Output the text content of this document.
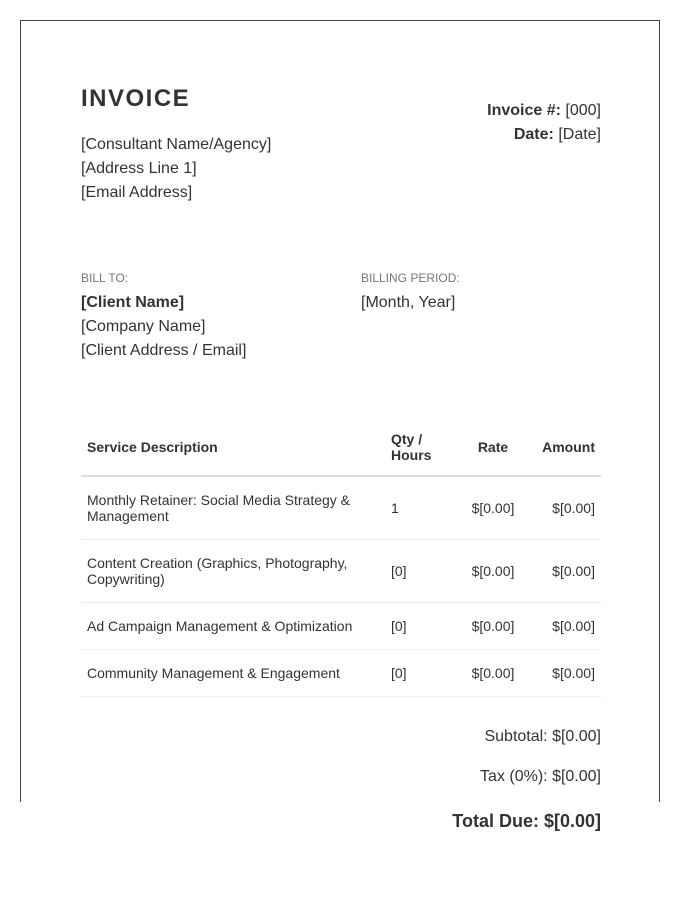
INVOICE
[Consultant Name/Agency]
[Address Line 1]
[Email Address]
Invoice #: [000]
Date: [Date]
BILL TO:
[Client Name]
[Company Name]
[Client Address / Email]
BILLING PERIOD:
[Month, Year]
Service Description	Qty / Hours	Rate	Amount
Monthly Retainer: Social Media Strategy & Management	1	$[0.00]	$[0.00]
Content Creation (Graphics, Photography, Copywriting)	[0]	$[0.00]	$[0.00]
Ad Campaign Management & Optimization	[0]	$[0.00]	$[0.00]
Community Management & Engagement	[0]	$[0.00]	$[0.00]
Subtotal: $[0.00]
Tax (0%): $[0.00]
Total Due: $[0.00]
